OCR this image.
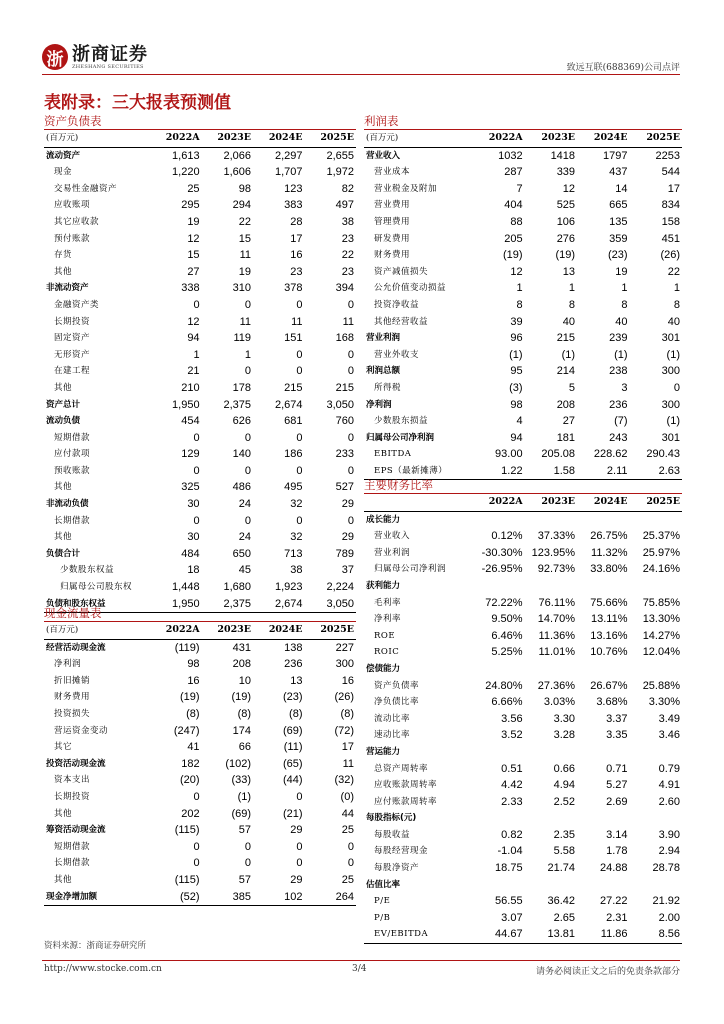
浙 浙商证券
ZHESHANG SECURITIES	致远互联(688369)公司点评
表附录：三大报表预测值
资产负债表
(百万元)	2022A	2023E	2024E	2025E
流动资产	1,613	2,066	2,297	2,655
现金	1,220	1,606	1,707	1,972
交易性金融资产	25	98	123	82
应收账项	295	294	383	497
其它应收款	19	22	28	38
预付账款	12	15	17	23
存货	15	11	16	22
其他	27	19	23	23
非流动资产	338	310	378	394
金融资产类	0	0	0	0
长期投资	12	11	11	11
固定资产	94	119	151	168
无形资产	1	1	0	0
在建工程	21	0	0	0
其他	210	178	215	215
资产总计	1,950	2,375	2,674	3,050
流动负债	454	626	681	760
短期借款	0	0	0	0
应付款项	129	140	186	233
预收账款	0	0	0	0
其他	325	486	495	527
非流动负债	30	24	32	29
长期借款	0	0	0	0
其他	30	24	32	29
负债合计	484	650	713	789
少数股东权益	18	45	38	37
归属母公司股东权	1,448	1,680	1,923	2,224
负债和股东权益	1,950	2,375	2,674	3,050
利润表
(百万元)	2022A	2023E	2024E	2025E
营业收入	1032	1418	1797	2253
营业成本	287	339	437	544
营业税金及附加	7	12	14	17
营业费用	404	525	665	834
管理费用	88	106	135	158
研发费用	205	276	359	451
财务费用	(19)	(19)	(23)	(26)
资产减值损失	12	13	19	22
公允价值变动损益	1	1	1	1
投资净收益	8	8	8	8
其他经营收益	39	40	40	40
营业利润	96	215	239	301
营业外收支	(1)	(1)	(1)	(1)
利润总额	95	214	238	300
所得税	(3)	5	3	0
净利润	98	208	236	300
少数股东损益	4	27	(7)	(1)
归属母公司净利润	94	181	243	301
EBITDA	93.00	205.08	228.62	290.43
EPS（最新摊薄）	1.22	1.58	2.11	2.63
主要财务比率
	2022A	2023E	2024E	2025E
成长能力				
营业收入	0.12%	37.33%	26.75%	25.37%
营业利润	-30.30%	123.95%	11.32%	25.97%
归属母公司净利润	-26.95%	92.73%	33.80%	24.16%
获利能力				
毛利率	72.22%	76.11%	75.66%	75.85%
净利率	9.50%	14.70%	13.11%	13.30%
ROE	6.46%	11.36%	13.16%	14.27%
ROIC	5.25%	11.01%	10.76%	12.04%
偿债能力				
资产负债率	24.80%	27.36%	26.67%	25.88%
净负债比率	6.66%	3.03%	3.68%	3.30%
流动比率	3.56	3.30	3.37	3.49
速动比率	3.52	3.28	3.35	3.46
营运能力				
总资产周转率	0.51	0.66	0.71	0.79
应收账款周转率	4.42	4.94	5.27	4.91
应付账款周转率	2.33	2.52	2.69	2.60
每股指标(元)				
每股收益	0.82	2.35	3.14	3.90
每股经营现金	-1.04	5.58	1.78	2.94
每股净资产	18.75	21.74	24.88	28.78
估值比率				
P/E	56.55	36.42	27.22	21.92
P/B	3.07	2.65	2.31	2.00
EV/EBITDA	44.67	13.81	11.86	8.56
现金流量表
(百万元)	2022A	2023E	2024E	2025E
经营活动现金流	(119)	431	138	227
净利润	98	208	236	300
折旧摊销	16	10	13	16
财务费用	(19)	(19)	(23)	(26)
投资损失	(8)	(8)	(8)	(8)
营运资金变动	(247)	174	(69)	(72)
其它	41	66	(11)	17
投资活动现金流	182	(102)	(65)	11
资本支出	(20)	(33)	(44)	(32)
长期投资	0	(1)	0	(0)
其他	202	(69)	(21)	44
筹资活动现金流	(115)	57	29	25
短期借款	0	0	0	0
长期借款	0	0	0	0
其他	(115)	57	29	25
现金净增加额	(52)	385	102	264
资料来源：浙商证券研究所
http://www.stocke.com.cn	3/4	请务必阅读正文之后的免责条款部分
